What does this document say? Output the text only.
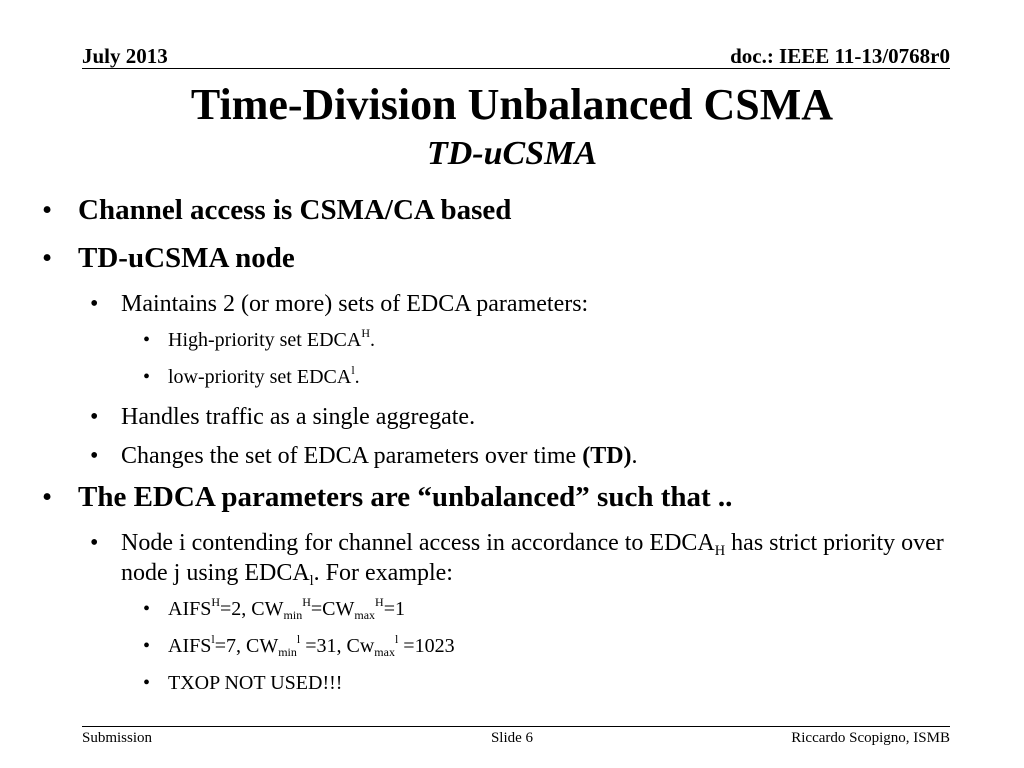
July 2013	doc.: IEEE 11-13/0768r0
Time-Division Unbalanced CSMA
TD-uCSMA
• Channel access is CSMA/CA based
• TD-uCSMA node
• Maintains 2 (or more) sets of EDCA parameters:
• High-priority set $EDCA^H$.
• low-priority set EDCA$^l$.
• Handles traffic as a single aggregate.
• Changes the set of EDCA parameters over time (TD).
• The EDCA parameters are “unbalanced” such that ..
• Node i contending for channel access in accordance to $EDCA_H$ has strict priority over node j using $EDCA_l$. For example:
• $AIFS^H=2$, $CW_{min}^H=CW_{max}^H=1$
• $AIFS^l=7$, $CW_{min}^l =31$, $Cw_{max}^l =1023$
• TXOP NOT USED!!!
Submission	Slide 6	Riccardo Scopigno, ISMB
